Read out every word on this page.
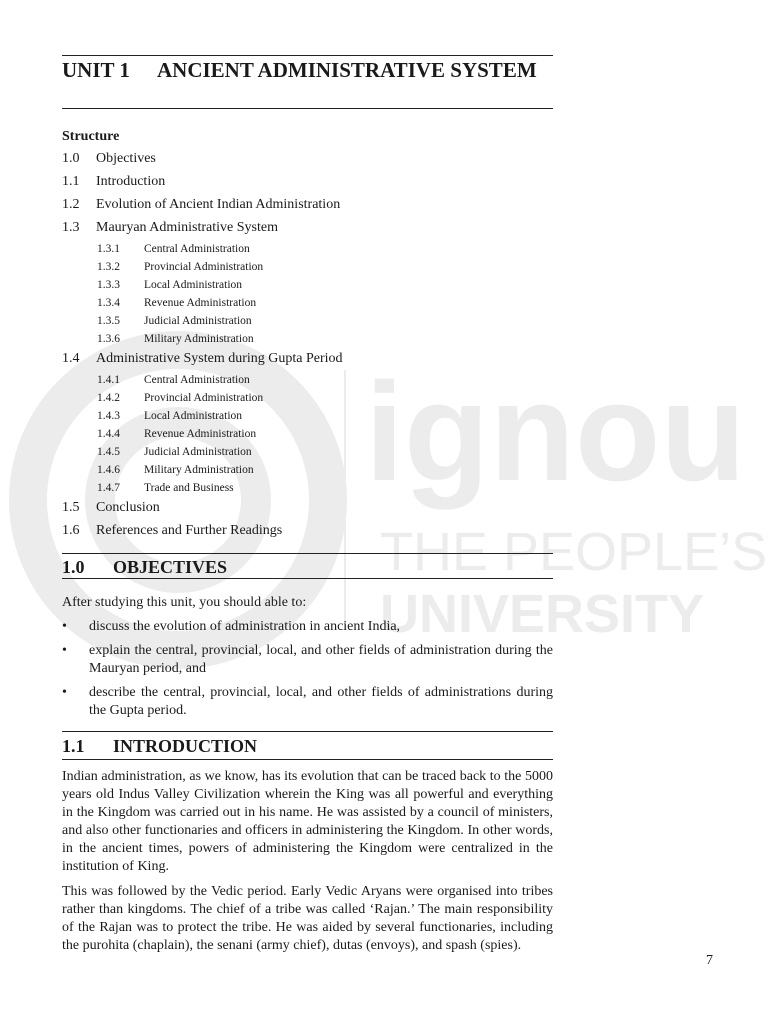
ignou
THE PEOPLE’S
UNIVERSITY
UNIT 1 ANCIENT ADMINISTRATIVE SYSTEM
Structure
1.0	Objectives
1.1	Introduction
1.2	Evolution of Ancient Indian Administration
1.3	Mauryan Administrative System
1.3.1	Central Administration
1.3.2	Provincial Administration
1.3.3	Local Administration
1.3.4	Revenue Administration
1.3.5	Judicial Administration
1.3.6	Military Administration
1.4	Administrative System during Gupta Period
1.4.1	Central Administration
1.4.2	Provincial Administration
1.4.3	Local Administration
1.4.4	Revenue Administration
1.4.5	Judicial Administration
1.4.6	Military Administration
1.4.7	Trade and Business
1.5	Conclusion
1.6	References and Further Readings
1.0 OBJECTIVES
After studying this unit, you should able to:
• discuss the evolution of administration in ancient India,
• explain the central, provincial, local, and other fields of administration during the Mauryan period, and
• describe the central, provincial, local, and other fields of administrations during the Gupta period.
1.1 INTRODUCTION
Indian administration, as we know, has its evolution that can be traced back to the 5000 years old Indus Valley Civilization wherein the King was all powerful and everything in the Kingdom was carried out in his name. He was assisted by a council of ministers, and also other functionaries and officers in administering the Kingdom. In other words, in the ancient times, powers of administering the Kingdom were centralized in the institution of King.
This was followed by the Vedic period. Early Vedic Aryans were organised into tribes rather than kingdoms. The chief of a tribe was called ‘Rajan.’ The main responsibility of the Rajan was to protect the tribe. He was aided by several functionaries, including the purohita (chaplain), the senani (army chief), dutas (envoys), and spash (spies).
7
